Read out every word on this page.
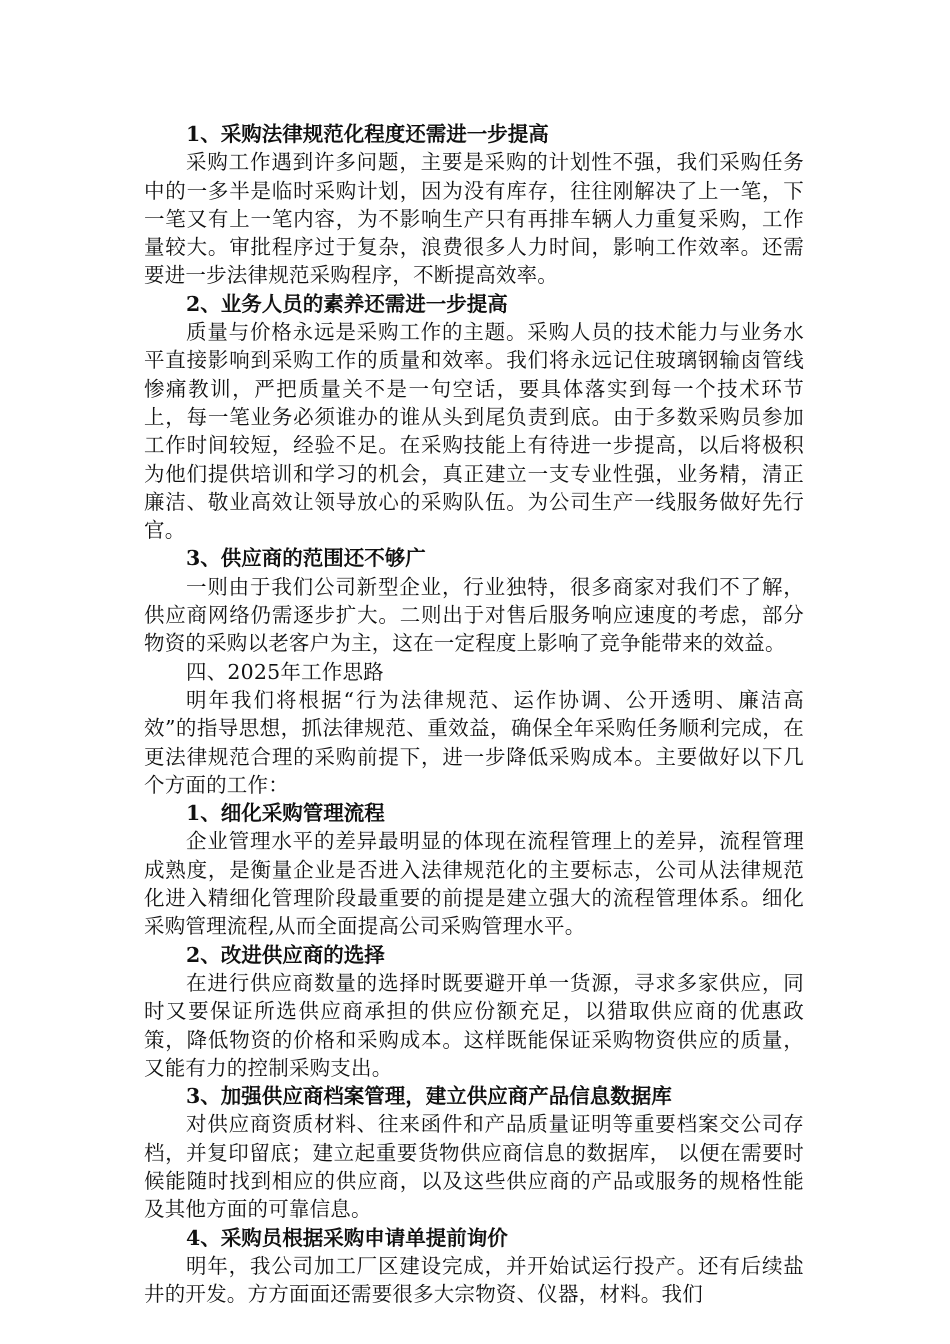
1、采购法律规范化程度还需进一步提高

采购工作遇到许多问题，主要是采购的计划性不强，我们采购任务中的一多半是临时采购计划，因为没有库存，往往刚解决了上一笔，下一笔又有上一笔内容，为不影响生产只有再排车辆人力重复采购，工作量较大。审批程序过于复杂，浪费很多人力时间，影响工作效率。还需要进一步法律规范采购程序，不断提高效率。

2、业务人员的素养还需进一步提高

质量与价格永远是采购工作的主题。采购人员的技术能力与业务水平直接影响到采购工作的质量和效率。我们将永远记住玻璃钢输卤管线惨痛教训，严把质量关不是一句空话，要具体落实到每一个技术环节上，每一笔业务必须谁办的谁从头到尾负责到底。由于多数采购员参加工作时间较短，经验不足。在采购技能上有待进一步提高，以后将极积为他们提供培训和学习的机会，真正建立一支专业性强，业务精，清正廉洁、敬业高效让领导放心的采购队伍。为公司生产一线服务做好先行官。

3、供应商的范围还不够广

一则由于我们公司新型企业，行业独特，很多商家对我们不了解，供应商网络仍需逐步扩大。二则出于对售后服务响应速度的考虑，部分物资的采购以老客户为主，这在一定程度上影响了竞争能带来的效益。

四、2025年工作思路

明年我们将根据“行为法律规范、运作协调、公开透明、廉洁高效”的指导思想，抓法律规范、重效益，确保全年采购任务顺利完成，在更法律规范合理的采购前提下，进一步降低采购成本。主要做好以下几个方面的工作：

1、细化采购管理流程

企业管理水平的差异最明显的体现在流程管理上的差异，流程管理成熟度，是衡量企业是否进入法律规范化的主要标志，公司从法律规范化进入精细化管理阶段最重要的前提是建立强大的流程管理体系。细化采购管理流程,从而全面提高公司采购管理水平。

2、改进供应商的选择

在进行供应商数量的选择时既要避开单一货源，寻求多家供应，同时又要保证所选供应商承担的供应份额充足，以猎取供应商的优惠政策，降低物资的价格和采购成本。这样既能保证采购物资供应的质量，又能有力的控制采购支出。

3、加强供应商档案管理，建立供应商产品信息数据库

对供应商资质材料、往来函件和产品质量证明等重要档案交公司存档，并复印留底；建立起重要货物供应商信息的数据库， 以便在需要时候能随时找到相应的供应商，以及这些供应商的产品或服务的规格性能及其他方面的可靠信息。

4、采购员根据采购申请单提前询价

明年，我公司加工厂区建设完成，并开始试运行投产。还有后续盐井的开发。方方面面还需要很多大宗物资、仪器，材料。我们
